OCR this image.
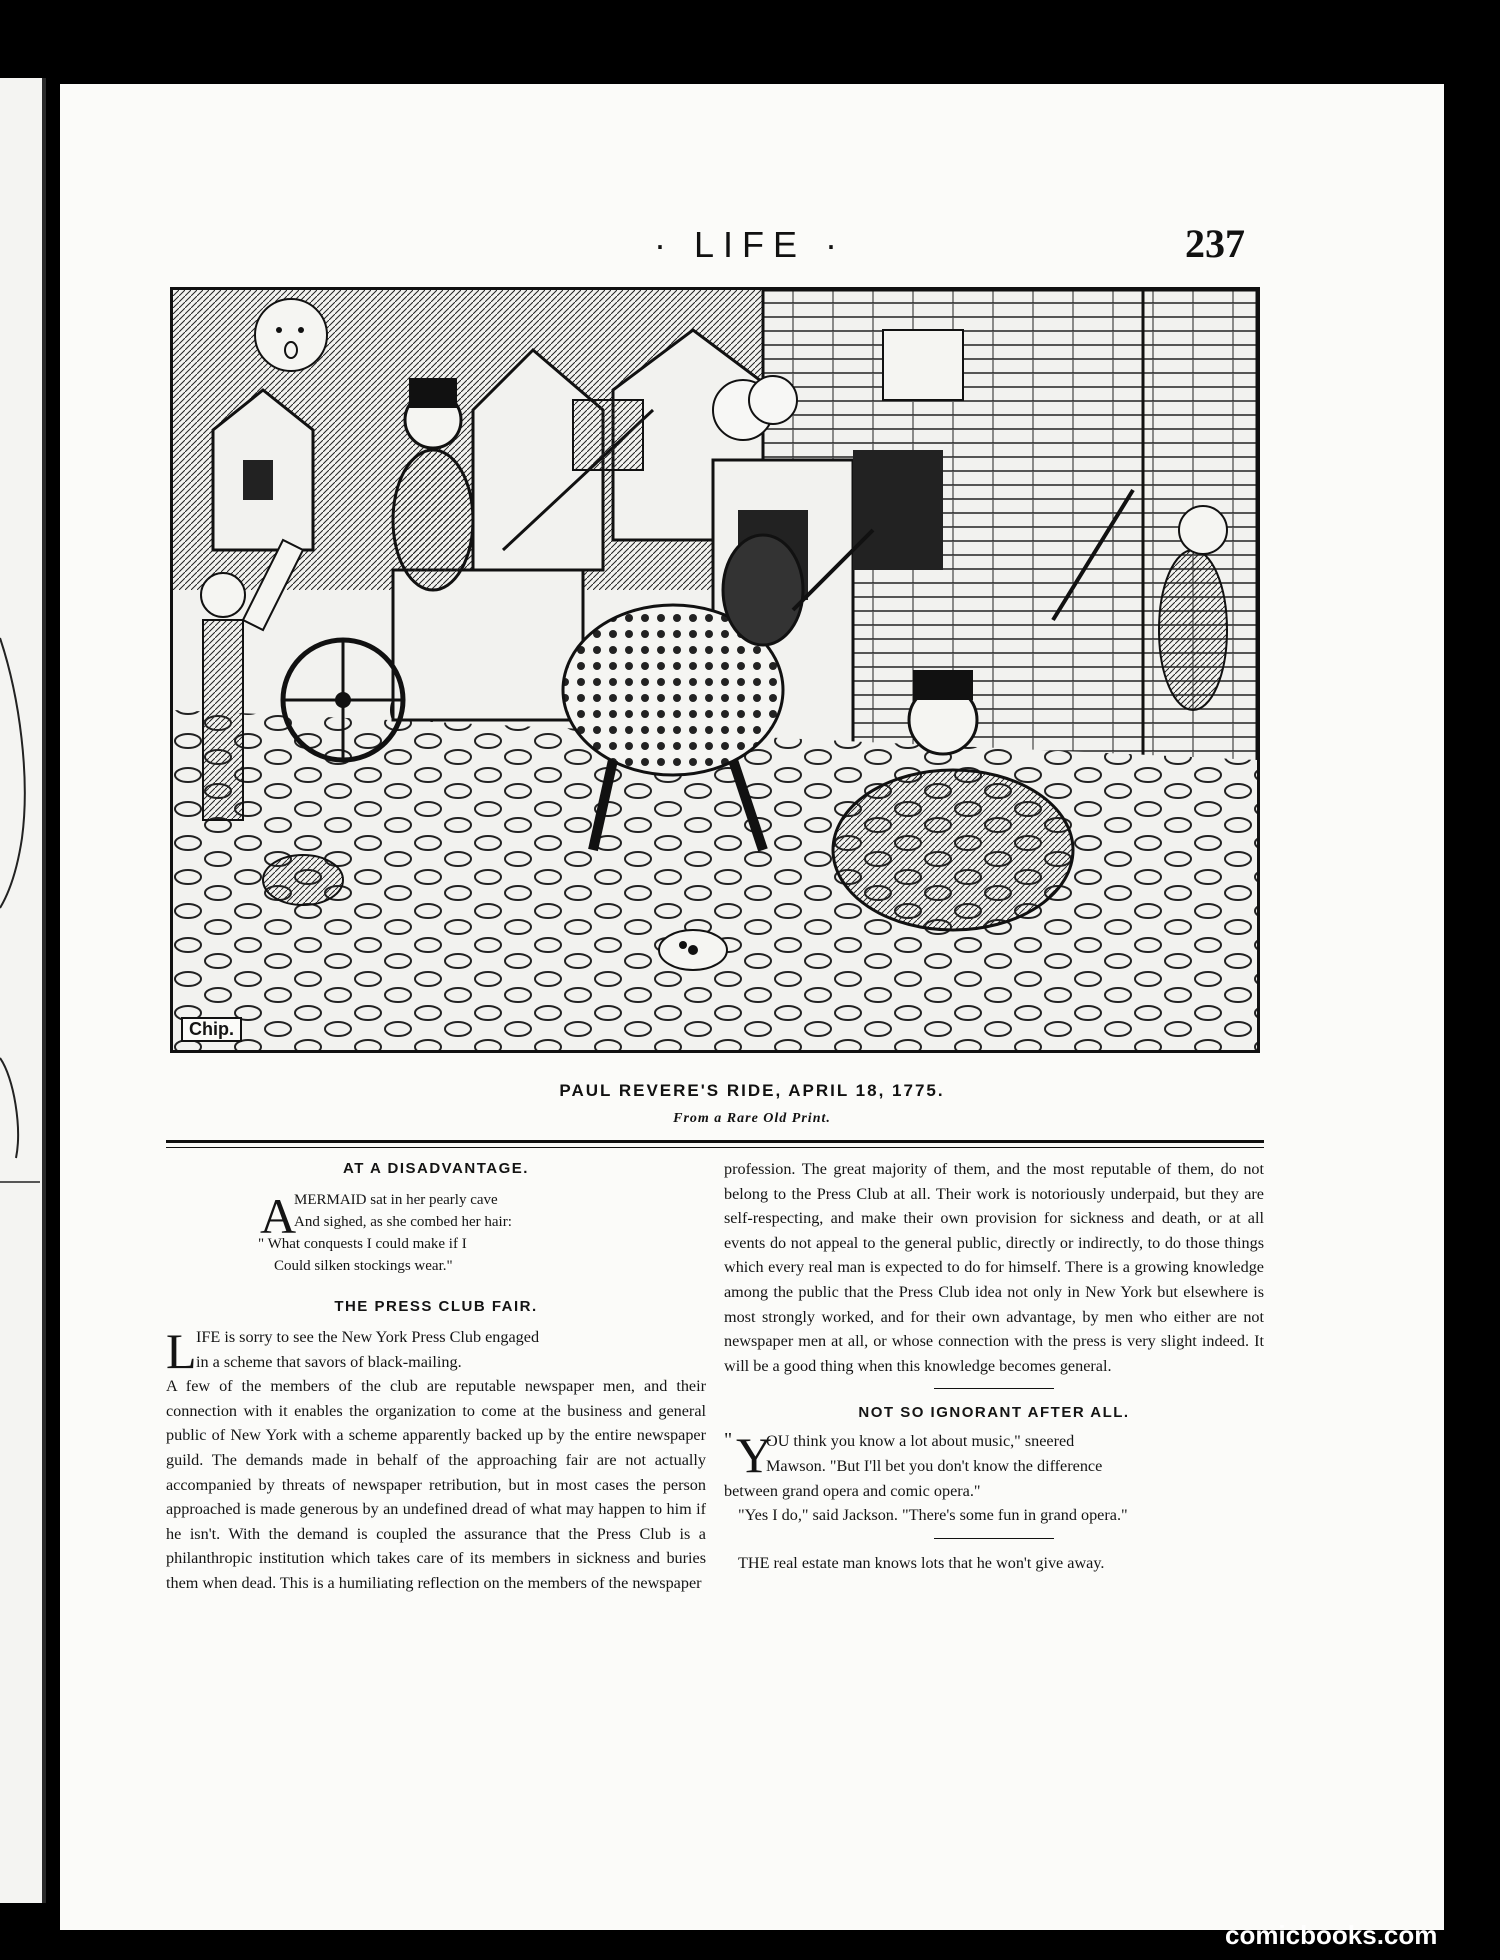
· LIFE ·	237
Chip.
PAUL REVERE'S RIDE, APRIL 18, 1775.
From a Rare Old Print.
AT A DISADVANTAGE.
A
MERMAID sat in her pearly cave
And sighed, as she combed her hair:
" What conquests I could make if I
Could silken stockings wear."
THE PRESS CLUB FAIR.
L IFE is sorry to see the New York Press Club engaged

in a scheme that savors of black-mailing.

A few of the members of the club are reputable newspaper men, and their connection with it enables the organization to come at the business and general public of New York with a scheme apparently backed up by the entire newspaper guild. The demands made in behalf of the approaching fair are not actually accompanied by threats of newspaper retribution, but in most cases the person approached is made generous by an undefined dread of what may happen to him if he isn't. With the demand is coupled the assurance that the Press Club is a philanthropic institution which takes care of its members in sickness and buries them when dead. This is a humiliating reflection on the members of the newspaper

profession. The great majority of them, and the most reputable of them, do not belong to the Press Club at all. Their work is notoriously underpaid, but they are self-respecting, and make their own provision for sickness and death, or at all events do not appeal to the general public, directly or indirectly, to do those things which every real man is expected to do for himself. There is a growing knowledge among the public that the Press Club idea not only in New York but elsewhere is most strongly worked, and for their own advantage, by men who either are not newspaper men at all, or whose connection with the press is very slight indeed. It will be a good thing when this knowledge becomes general.

NOT SO IGNORANT AFTER ALL.
" Y

OU think you know a lot about music," sneered

Mawson. "But I'll bet you don't know the difference

between grand opera and comic opera."

"Yes I do," said Jackson. "There's some fun in grand opera."

THE real estate man knows lots that he won't give away.

comicbooks.com
